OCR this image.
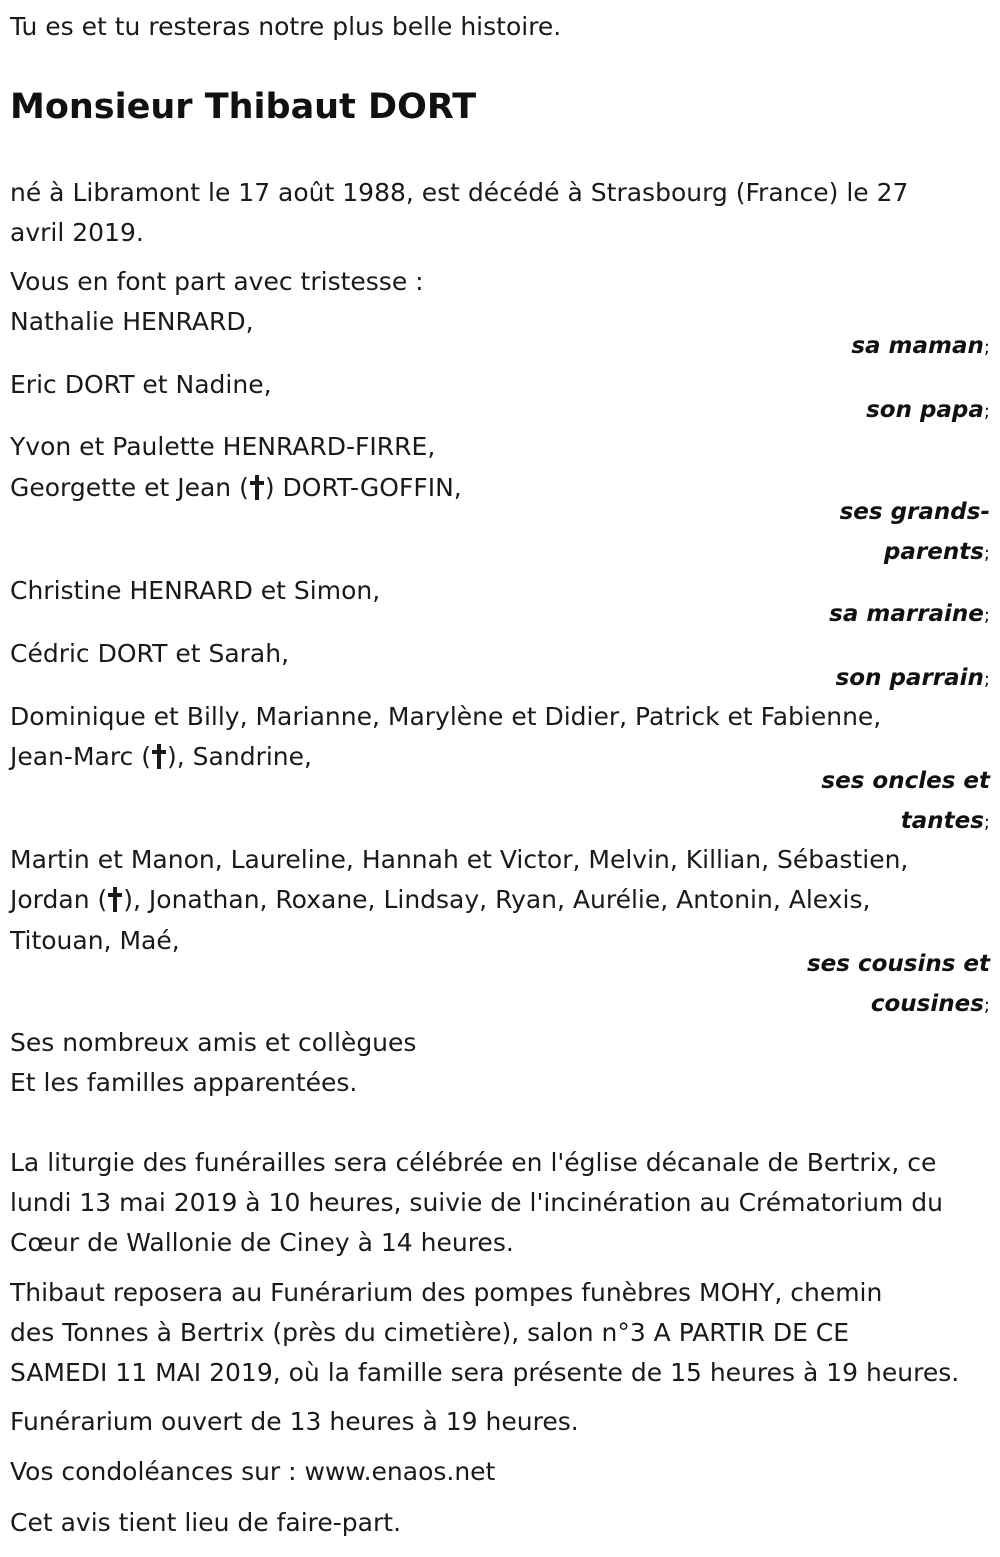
Tu es et tu resteras notre plus belle histoire.
Monsieur Thibaut DORT
né à Libramont le 17 août 1988, est décédé à Strasbourg (France) le 27
avril 2019.
Vous en font part avec tristesse :
Nathalie HENRARD,
sa maman;
Eric DORT et Nadine,
son papa;
Yvon et Paulette HENRARD-FIRRE,
Georgette et Jean ( ) DORT-GOFFIN,
ses grands-
parents;
Christine HENRARD et Simon,
sa marraine;
Cédric DORT et Sarah,
son parrain;
Dominique et Billy, Marianne, Marylène et Didier, Patrick et Fabienne,
Jean-Marc ( ), Sandrine,
ses oncles et
tantes;
Martin et Manon, Laureline, Hannah et Victor, Melvin, Killian, Sébastien,
Jordan ( ), Jonathan, Roxane, Lindsay, Ryan, Aurélie, Antonin, Alexis,
Titouan, Maé,
ses cousins et
cousines;
Ses nombreux amis et collègues
Et les familles apparentées.
La liturgie des funérailles sera célébrée en l'église décanale de Bertrix, ce
lundi 13 mai 2019 à 10 heures, suivie de l'incinération au Crématorium du
Cœur de Wallonie de Ciney à 14 heures.
Thibaut reposera au Funérarium des pompes funèbres MOHY, chemin
des Tonnes à Bertrix (près du cimetière), salon n°3 A PARTIR DE CE
SAMEDI 11 MAI 2019, où la famille sera présente de 15 heures à 19 heures.
Funérarium ouvert de 13 heures à 19 heures.
Vos condoléances sur : www.enaos.net
Cet avis tient lieu de faire-part.
